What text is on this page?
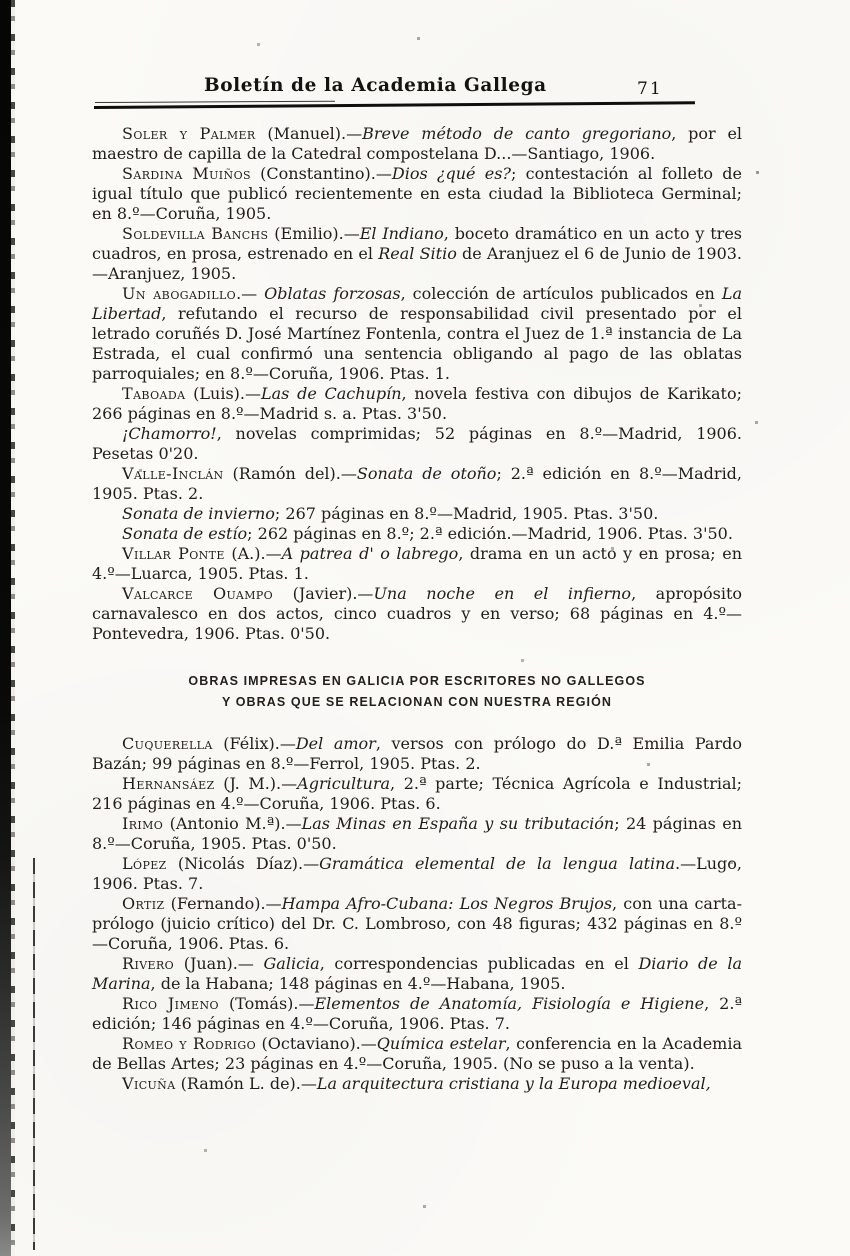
Boletín de la Academia Gallega	71

Soler y Palmer (Manuel).—Breve método de canto gregoriano, por el maestro de capilla de la Catedral compostelana D...—Santiago, 1906.

Sardina Muiños (Constantino).—Dios ¿qué es?; contestación al folleto de igual título que publicó recientemente en esta ciudad la Biblioteca Germinal; en 8.º—Coruña, 1905.

Soldevilla Banchs (Emilio).—El Indiano, boceto dramático en un acto y tres cuadros, en prosa, estrenado en el Real Sitio de Aranjuez el 6 de Junio de 1903.—Aranjuez, 1905.

Un abogadillo.— Oblatas forzosas, colección de artículos publicados en La Libertad, refutando el recurso de responsabilidad civil presentado por el letrado coruñés D. José Martínez Fontenla, contra el Juez de 1.ª instancia de La Estrada, el cual confirmó una sentencia obligando al pago de las oblatas parroquiales; en 8.º—Coruña, 1906. Ptas. 1.

Taboada (Luis).—Las de Cachupín, novela festiva con dibujos de Karikato; 266 páginas en 8.º—Madrid s. a. Ptas. 3'50.

¡Chamorro!, novelas comprimidas; 52 páginas en 8.º—Madrid, 1906. Pesetas 0'20.

Valle-Inclán (Ramón del).—Sonata de otoño; 2.ª edición en 8.º—Madrid, 1905. Ptas. 2.

Sonata de invierno; 267 páginas en 8.º—Madrid, 1905. Ptas. 3'50.

Sonata de estío; 262 páginas en 8.º; 2.ª edición.—Madrid, 1906. Ptas. 3'50.

Villar Ponte (A.).—A patrea d' o labrego, drama en un acto y en prosa; en 4.º—Luarca, 1905. Ptas. 1.

Valcarce Ouampo (Javier).—Una noche en el infierno, apropósito carnavalesco en dos actos, cinco cuadros y en verso; 68 páginas en 4.º—Pontevedra, 1906. Ptas. 0'50.

OBRAS IMPRESAS EN GALICIA POR ESCRITORES NO GALLEGOS
Y OBRAS QUE SE RELACIONAN CON NUESTRA REGIÓN

Cuquerella (Félix).—Del amor, versos con prólogo do D.ª Emilia Pardo Bazán; 99 páginas en 8.º—Ferrol, 1905. Ptas. 2.

Hernansáez (J. M.).—Agricultura, 2.ª parte; Técnica Agrícola e Industrial; 216 páginas en 4.º—Coruña, 1906. Ptas. 6.

Irimo (Antonio M.ª).—Las Minas en España y su tributación; 24 páginas en 8.º—Coruña, 1905. Ptas. 0'50.

López (Nicolás Díaz).—Gramática elemental de la lengua latina.—Lugo, 1906. Ptas. 7.

Ortiz (Fernando).—Hampa Afro-Cubana: Los Negros Brujos, con una carta-prólogo (juicio crítico) del Dr. C. Lombroso, con 48 figuras; 432 páginas en 8.º—Coruña, 1906. Ptas. 6.

Rivero (Juan).— Galicia, correspondencias publicadas en el Diario de la Marina, de la Habana; 148 páginas en 4.º—Habana, 1905.

Rico Jimeno (Tomás).—Elementos de Anatomía, Fisiología e Higiene, 2.ª edición; 146 páginas en 4.º—Coruña, 1906. Ptas. 7.

Romeo y Rodrigo (Octaviano).—Química estelar, conferencia en la Academia de Bellas Artes; 23 páginas en 4.º—Coruña, 1905. (No se puso a la venta).

Vicuña (Ramón L. de).—La arquitectura cristiana y la Europa medioeval,
